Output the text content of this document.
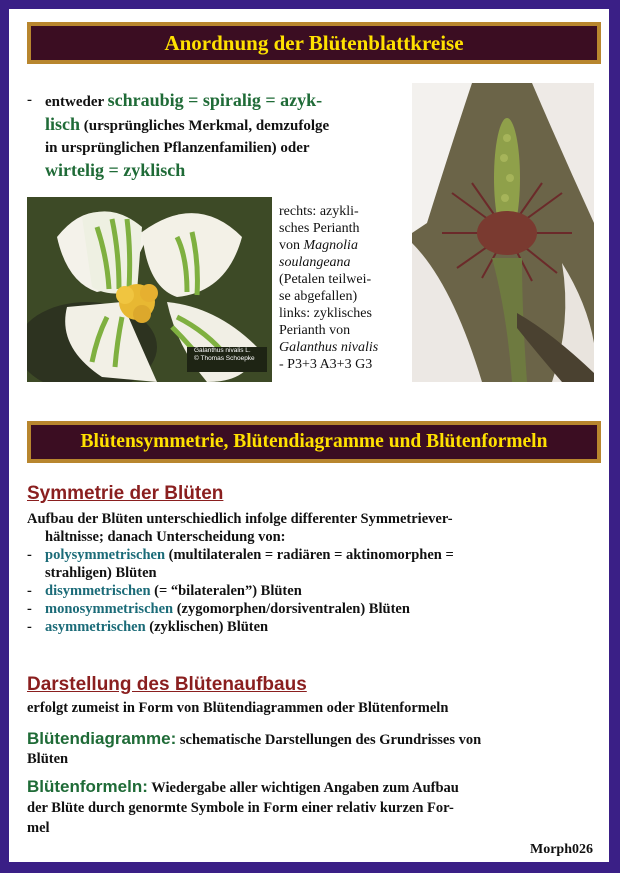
Anordnung der Blütenblattkreise
- entweder schraubig = spiralig = azyk-
lisch (ursprüngliches Merkmal, demzufolge
in ursprünglichen Pflanzenfamilien) oder
wirtelig = zyklisch
Galanthus nivalis L.
© Thomas Schoepke
rechts: azykli-
sches Perianth
von Magnolia
soulangeana
(Petalen teilwei-
se abgefallen)
links: zyklisches
Perianth von
Galanthus nivalis
- P3+3 A3+3 G3
Blütensymmetrie, Blütendiagramme und Blütenformeln
Symmetrie der Blüten
Aufbau der Blüten unterschiedlich infolge differenter Symmetriever-
hältnisse; danach Unterscheidung von:
- polysymmetrischen (multilateralen = radiären = aktinomorphen =
strahligen) Blüten
- disymmetrischen (= “bilateralen”) Blüten
- monosymmetrischen (zygomorphen/dorsiventralen) Blüten
- asymmetrischen (zyklischen) Blüten
Darstellung des Blütenaufbaus
erfolgt zumeist in Form von Blütendiagrammen oder Blütenformeln
Blütendiagramme: schematische Darstellungen des Grundrisses von
Blüten
Blütenformeln: Wiedergabe aller wichtigen Angaben zum Aufbau
der Blüte durch genormte Symbole in Form einer relativ kurzen For-
mel
Morph026
